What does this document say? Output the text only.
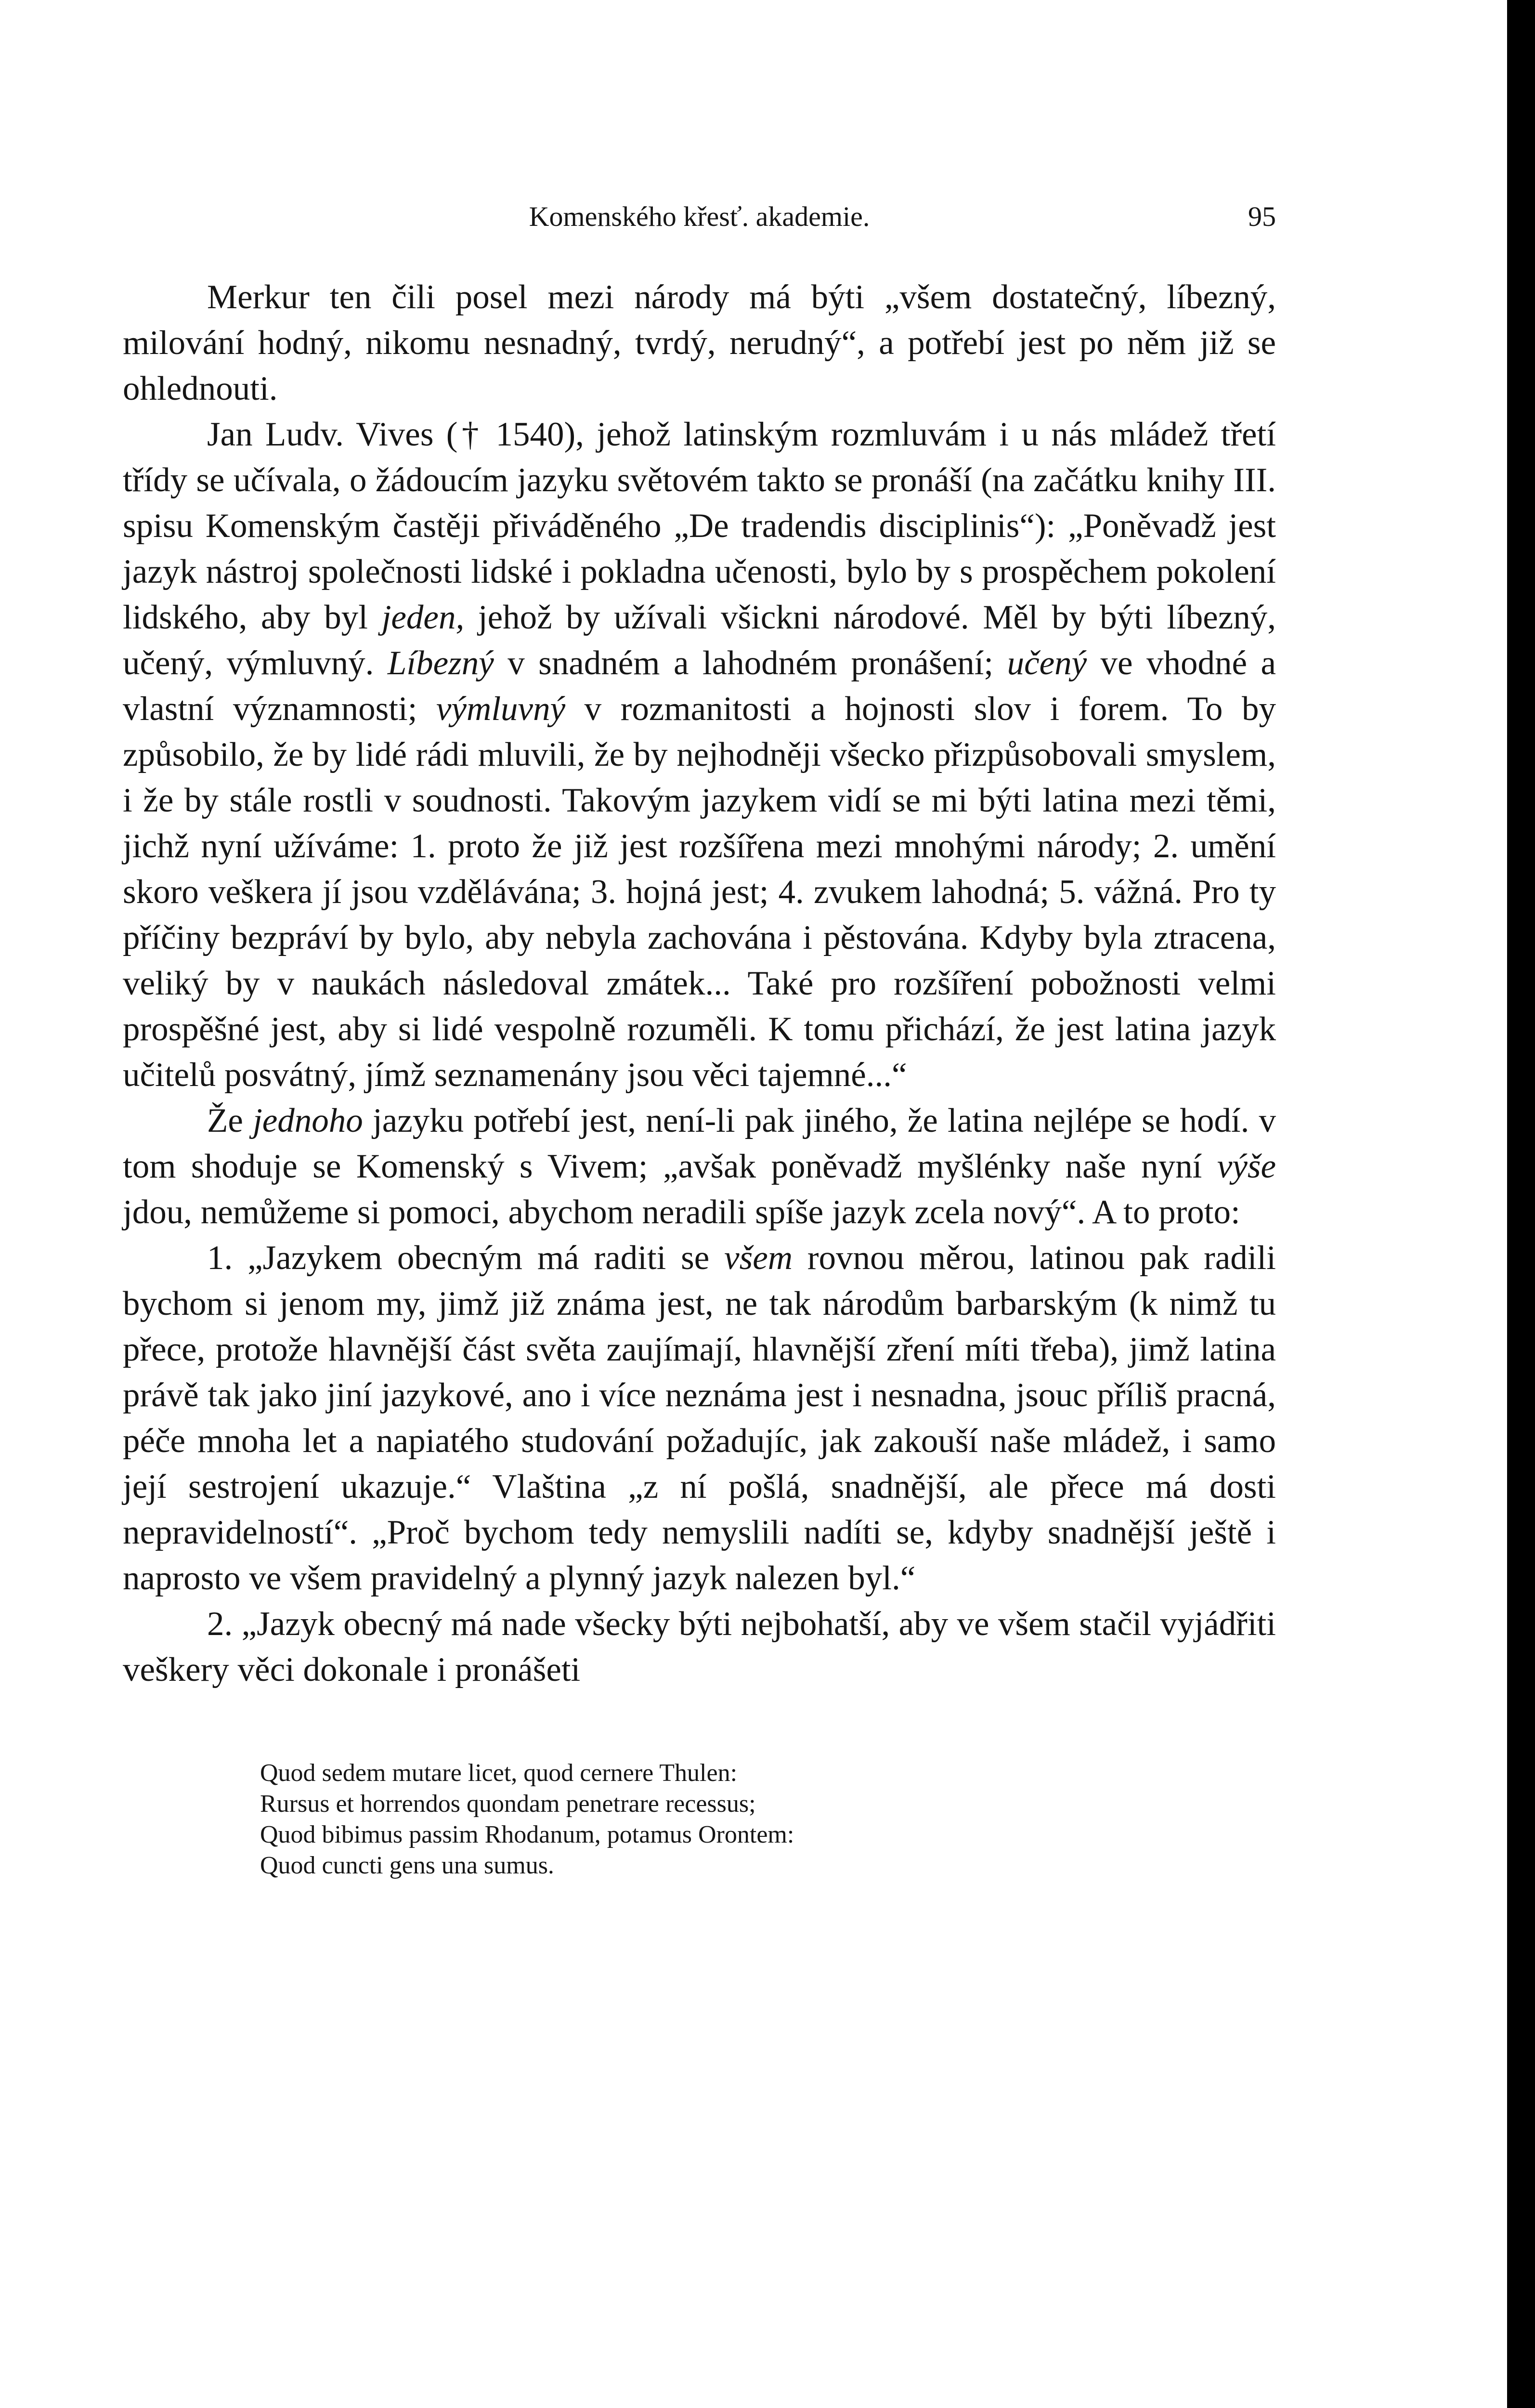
Komenského křesť. akademie.	95

Merkur ten čili posel mezi národy má býti „všem dostatečný, líbezný, milování hodný, nikomu nesnadný, tvrdý, nerudný“, a potřebí jest po něm již se ohlednouti.

Jan Ludv. Vives († 1540), jehož latinským rozmluvám i u nás mládež třetí třídy se učívala, o žádoucím jazyku světovém takto se pronáší (na začátku knihy III. spisu Komenským častěji přiváděného „De tradendis disciplinis“): „Poněvadž jest jazyk nástroj společnosti lidské i pokladna učenosti, bylo by s prospěchem pokolení lidského, aby byl jeden, jehož by užívali všickni národové. Měl by býti líbezný, učený, výmluvný. Líbezný v snadném a lahodném pronášení; učený ve vhodné a vlastní významnosti; výmluvný v rozmanitosti a hojnosti slov i forem. To by způsobilo, že by lidé rádi mluvili, že by nejhodněji všecko přizpůsobovali smyslem, i že by stále rostli v soudnosti. Takovým jazykem vidí se mi býti latina mezi těmi, jichž nyní užíváme: 1. proto že již jest rozšířena mezi mnohými národy; 2. umění skoro veškera jí jsou vzdělávána; 3. hojná jest; 4. zvukem lahodná; 5. vážná. Pro ty příčiny bezpráví by bylo, aby nebyla zachována i pěstována. Kdyby byla ztracena, veliký by v naukách následoval zmátek... Také pro rozšíření pobožnosti velmi prospěšné jest, aby si lidé vespolně rozuměli. K tomu přichází, že jest latina jazyk učitelů posvátný, jímž seznamenány jsou věci tajemné...“

Že jednoho jazyku potřebí jest, není-li pak jiného, že latina nejlépe se hodí. v tom shoduje se Komenský s Vivem; „avšak poněvadž myšlénky naše nyní výše jdou, nemůžeme si pomoci, abychom neradili spíše jazyk zcela nový“. A to proto:

1. „Jazykem obecným má raditi se všem rovnou měrou, latinou pak radili bychom si jenom my, jimž již známa jest, ne tak národům barbarským (k nimž tu přece, protože hlavnější část světa zaujímají, hlavnější zření míti třeba), jimž latina právě tak jako jiní jazykové, ano i více neznáma jest i nesnadna, jsouc příliš pracná, péče mnoha let a napiatého studování požadujíc, jak zakouší naše mládež, i samo její sestrojení ukazuje.“ Vlaština „z ní pošlá, snadnější, ale přece má dosti nepravidelností“. „Proč bychom tedy nemyslili nadíti se, kdyby snadnější ještě i naprosto ve všem pravidelný a plynný jazyk nalezen byl.“

2. „Jazyk obecný má nade všecky býti nejbohatší, aby ve všem stačil vyjádřiti veškery věci dokonale i pronášeti

Quod sedem mutare licet, quod cernere Thulen:
Rursus et horrendos quondam penetrare recessus;
Quod bibimus passim Rhodanum, potamus Orontem:
Quod cuncti gens una sumus.
